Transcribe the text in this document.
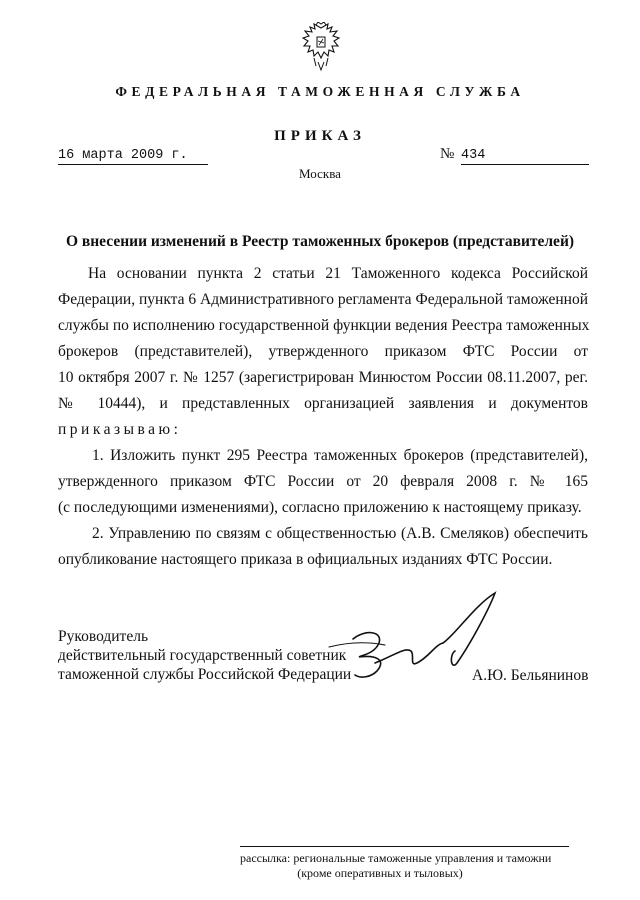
ФЕДЕРАЛЬНАЯ ТАМОЖЕННАЯ СЛУЖБА
ПРИКАЗ
16 марта 2009 г.	№ 434
Москва
О внесении изменений в Реестр таможенных брокеров (представителей)
На основании пункта 2 статьи 21 Таможенного кодекса Российской
Федерации, пункта 6 Административного регламента Федеральной таможенной
службы по исполнению государственной функции ведения Реестра таможенных
брокеров (представителей), утвержденного приказом ФТС России от
10 октября 2007 г. № 1257 (зарегистрирован Минюстом России 08.11.2007, рег.
№ 10444), и представленных организацией заявления и документов
приказываю:
1. Изложить пункт 295 Реестра таможенных брокеров (представителей),
утвержденного приказом ФТС России от 20 февраля 2008 г. № 165
(с последующими изменениями), согласно приложению к настоящему приказу.
2. Управлению по связям с общественностью (А.В. Смеляков) обеспечить
опубликование настоящего приказа в официальных изданиях ФТС России.
Руководитель
действительный государственный советник
таможенной службы Российской Федерации	А.Ю. Бельянинов
рассылка: региональные таможенные управления и таможни
(кроме оперативных и тыловых)
